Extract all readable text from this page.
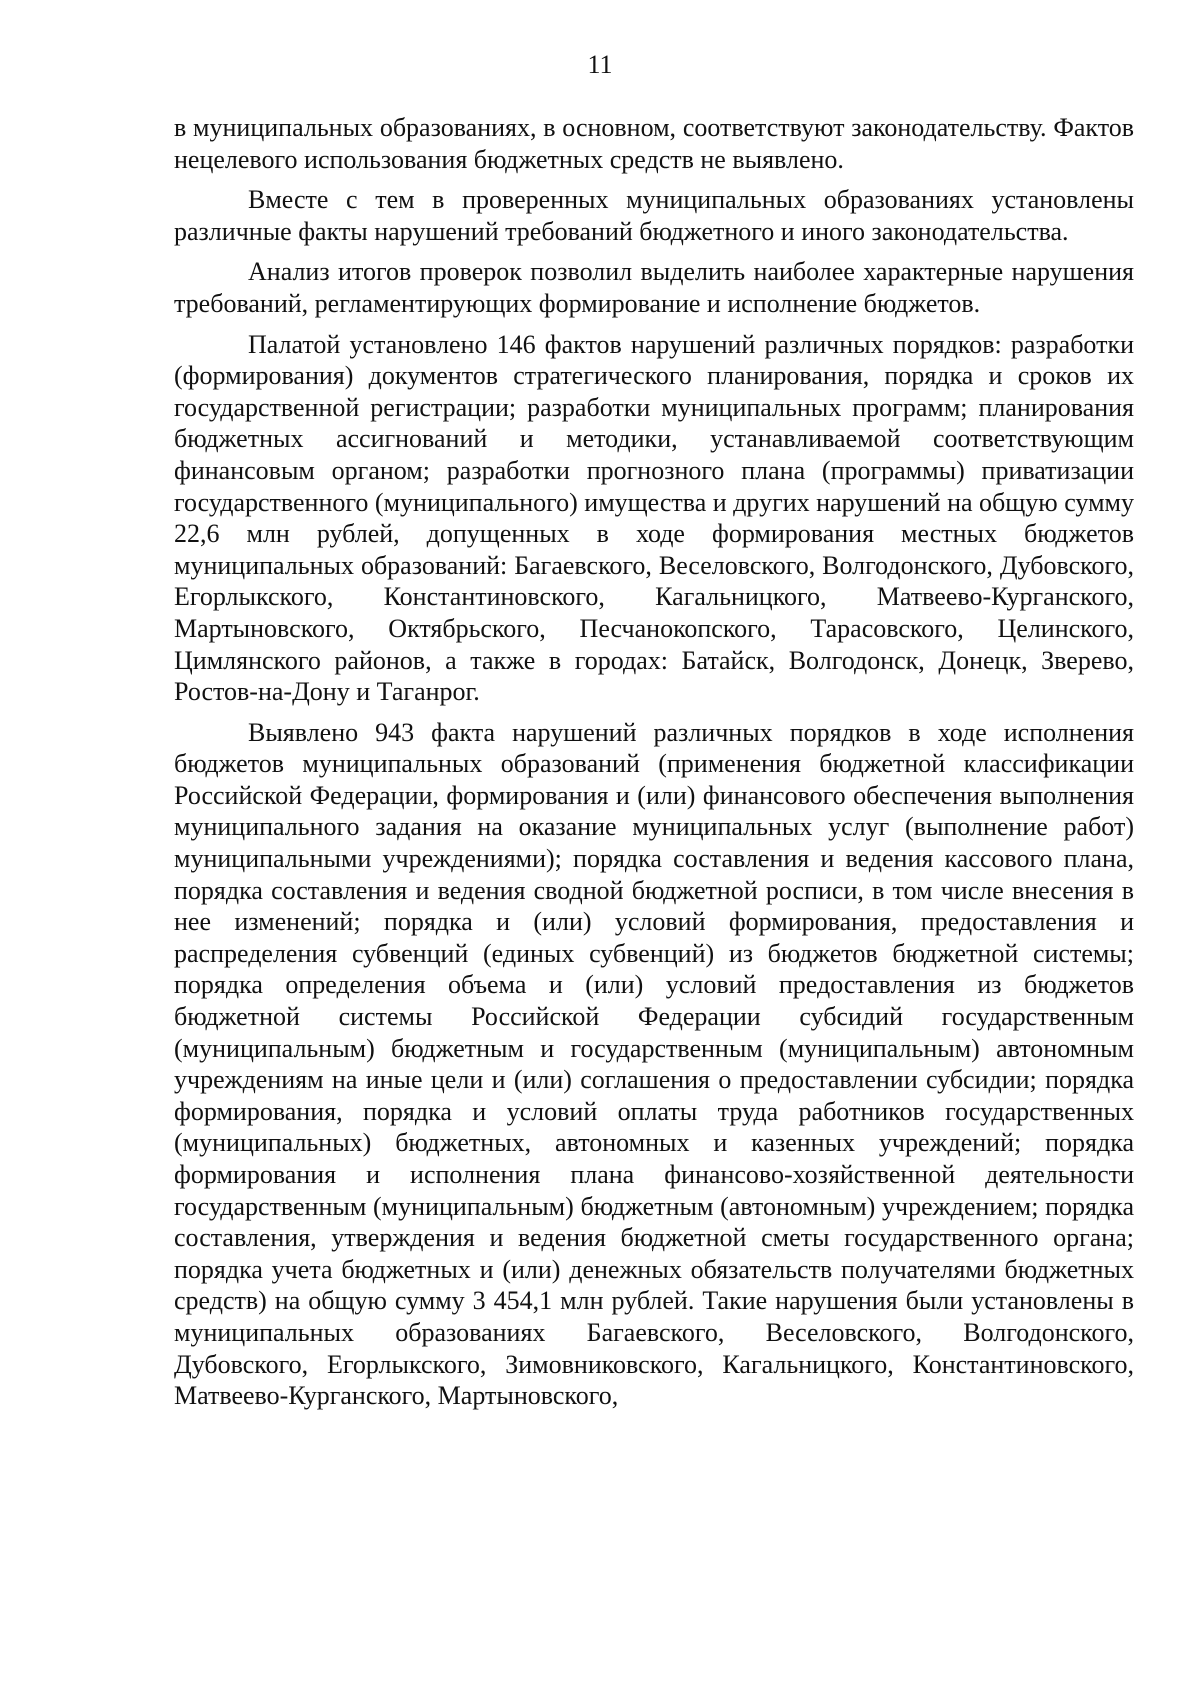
11

в муниципальных образованиях, в основном, соответствуют законодательству. Фактов нецелевого использования бюджетных средств не выявлено.

Вместе с тем в проверенных муниципальных образованиях установлены различные факты нарушений требований бюджетного и иного законодательства.

Анализ итогов проверок позволил выделить наиболее характерные нарушения требований, регламентирующих формирование и исполнение бюджетов.

Палатой установлено 146 фактов нарушений различных порядков: разработки (формирования) документов стратегического планирования, порядка и сроков их государственной регистрации; разработки муниципальных программ; планирования бюджетных ассигнований и методики, устанавливаемой соответствующим финансовым органом; разработки прогнозного плана (программы) приватизации государственного (муниципального) имущества и других нарушений на общую сумму 22,6 млн рублей, допущенных в ходе формирования местных бюджетов муниципальных образований: Багаевского, Веселовского, Волгодонского, Дубовского, Егорлыкского, Константиновского, Кагальницкого, Матвеево-Курганского, Мартыновского, Октябрьского, Песчанокопского, Тарасовского, Целинского, Цимлянского районов, а также в городах: Батайск, Волгодонск, Донецк, Зверево, Ростов-на-Дону и Таганрог.

Выявлено 943 факта нарушений различных порядков в ходе исполнения бюджетов муниципальных образований (применения бюджетной классификации Российской Федерации, формирования и (или) финансового обеспечения выполнения муниципального задания на оказание муниципальных услуг (выполнение работ) муниципальными учреждениями); порядка составления и ведения кассового плана, порядка составления и ведения сводной бюджетной росписи, в том числе внесения в нее изменений; порядка и (или) условий формирования, предоставления и распределения субвенций (единых субвенций) из бюджетов бюджетной системы; порядка определения объема и (или) условий предоставления из бюджетов бюджетной системы Российской Федерации субсидий государственным (муниципальным) бюджетным и государственным (муниципальным) автономным учреждениям на иные цели и (или) соглашения о предоставлении субсидии; порядка формирования, порядка и условий оплаты труда работников государственных (муниципальных) бюджетных, автономных и казенных учреждений; порядка формирования и исполнения плана финансово-хозяйственной деятельности государственным (муниципальным) бюджетным (автономным) учреждением; порядка составления, утверждения и ведения бюджетной сметы государственного органа; порядка учета бюджетных и (или) денежных обязательств получателями бюджетных средств) на общую сумму 3 454,1 млн рублей. Такие нарушения были установлены в муниципальных образованиях Багаевского, Веселовского, Волгодонского, Дубовского, Егорлыкского, Зимовниковского, Кагальницкого, Константиновского, Матвеево-Курганского, Мартыновского,
